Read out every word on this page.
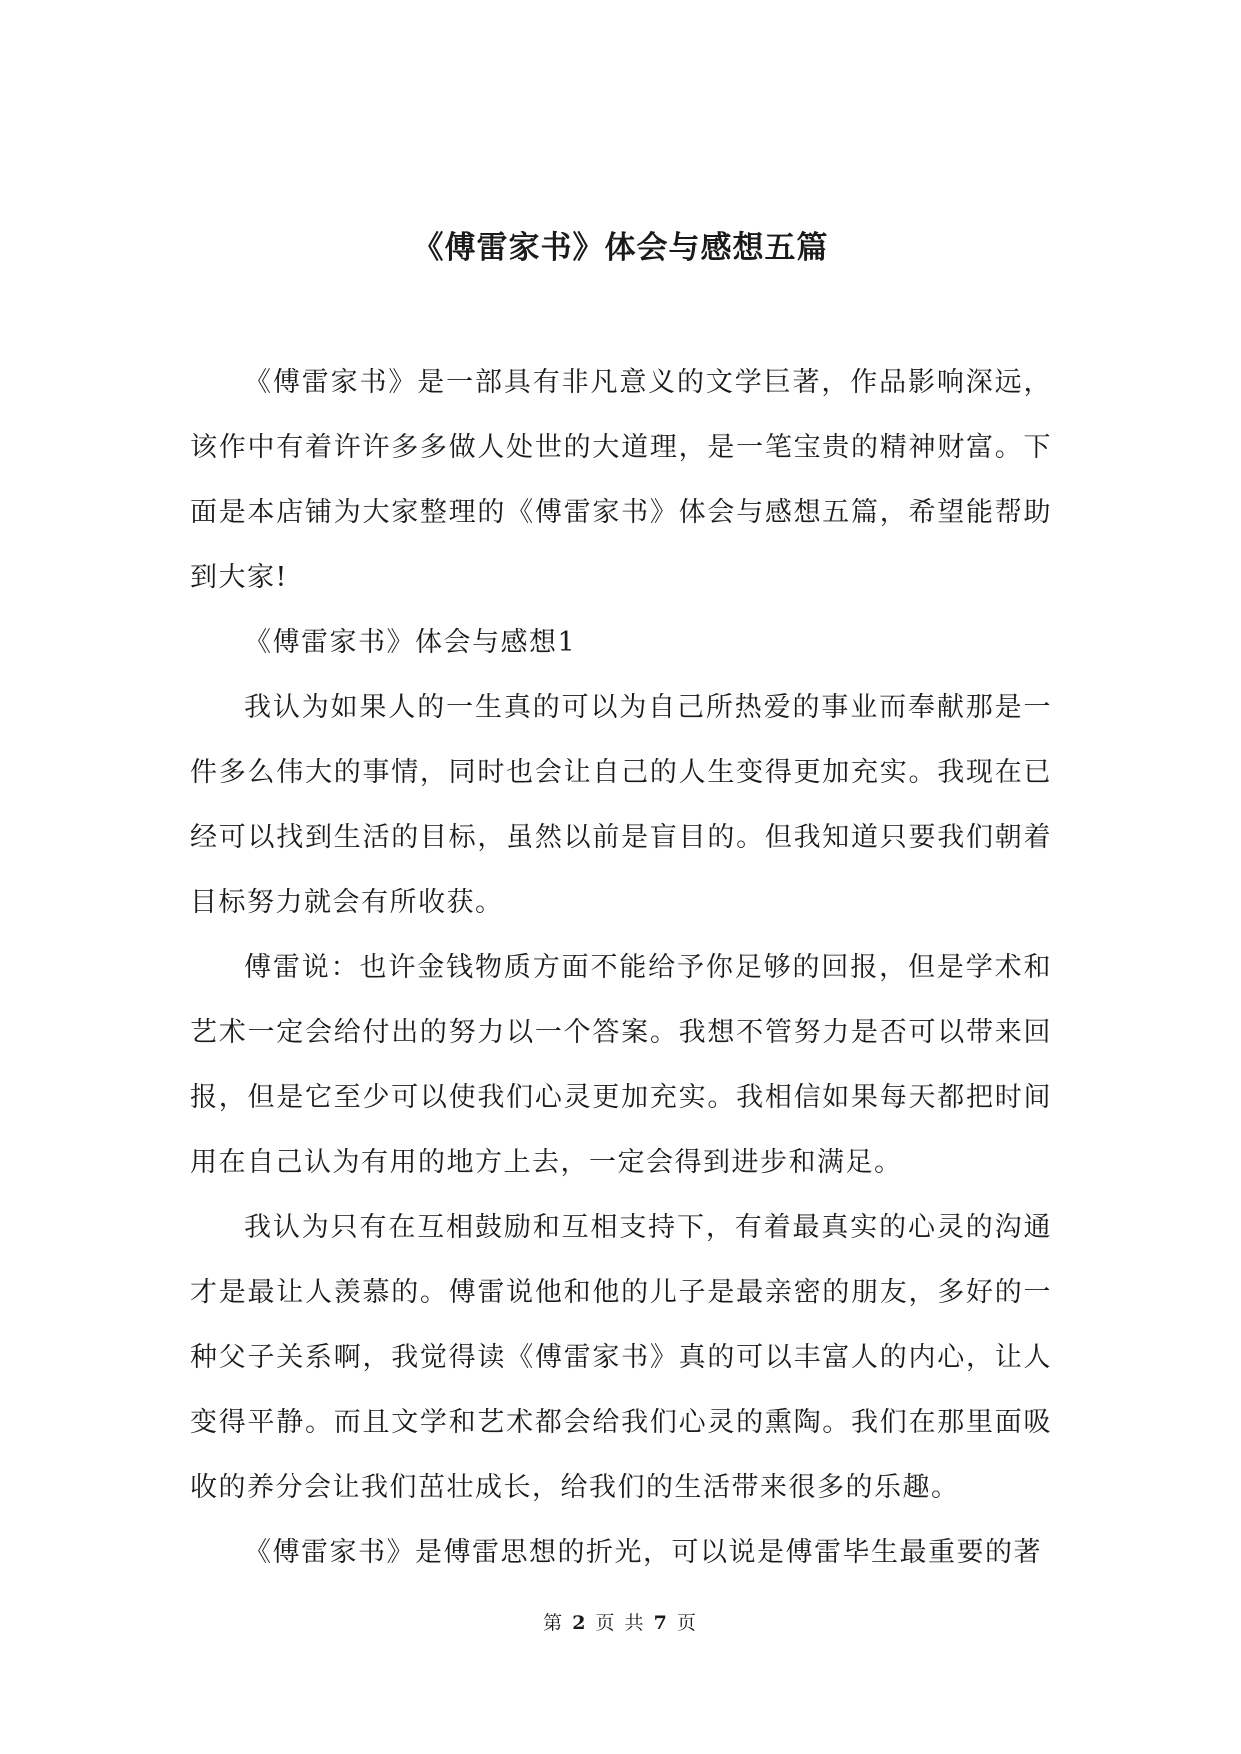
《傅雷家书》体会与感想五篇

《傅雷家书》是一部具有非凡意义的文学巨著，作品影响深远，该作中有着许许多多做人处世的大道理，是一笔宝贵的精神财富。下面是本店铺为大家整理的《傅雷家书》体会与感想五篇，希望能帮助到大家!

《傅雷家书》体会与感想1

我认为如果人的一生真的可以为自己所热爱的事业而奉献那是一件多么伟大的事情，同时也会让自己的人生变得更加充实。我现在已经可以找到生活的目标，虽然以前是盲目的。但我知道只要我们朝着目标努力就会有所收获。

傅雷说：也许金钱物质方面不能给予你足够的回报，但是学术和艺术一定会给付出的努力以一个答案。我想不管努力是否可以带来回报，但是它至少可以使我们心灵更加充实。我相信如果每天都把时间用在自己认为有用的地方上去，一定会得到进步和满足。

我认为只有在互相鼓励和互相支持下，有着最真实的心灵的沟通才是最让人羡慕的。傅雷说他和他的儿子是最亲密的朋友，多好的一种父子关系啊，我觉得读《傅雷家书》真的可以丰富人的内心，让人变得平静。而且文学和艺术都会给我们心灵的熏陶。我们在那里面吸收的养分会让我们茁壮成长，给我们的生活带来很多的乐趣。

《傅雷家书》是傅雷思想的折光，可以说是傅雷毕生最重要的著

第 2 页 共 7 页
